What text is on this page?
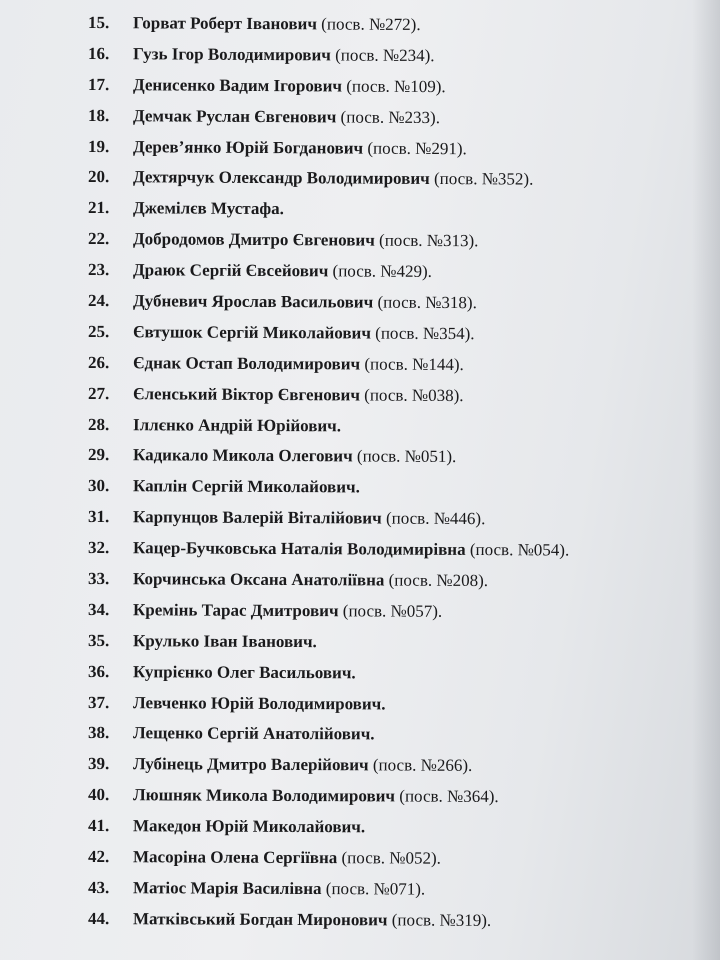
15. Горват Роберт Іванович (посв. №272).
16. Гузь Ігор Володимирович (посв. №234).
17. Денисенко Вадим Ігорович (посв. №109).
18. Демчак Руслан Євгенович (посв. №233).
19. Дерев’янко Юрій Богданович (посв. №291).
20. Дехтярчук Олександр Володимирович (посв. №352).
21. Джемілєв Мустафа.
22. Добродомов Дмитро Євгенович (посв. №313).
23. Драюк Сергій Євсейович (посв. №429).
24. Дубневич Ярослав Васильович (посв. №318).
25. Євтушок Сергій Миколайович (посв. №354).
26. Єднак Остап Володимирович (посв. №144).
27. Єленський Віктор Євгенович (посв. №038).
28. Іллєнко Андрій Юрійович.
29. Кадикало Микола Олегович (посв. №051).
30. Каплін Сергій Миколайович.
31. Карпунцов Валерій Віталійович (посв. №446).
32. Кацер-Бучковська Наталія Володимирівна (посв. №054).
33. Корчинська Оксана Анатоліївна (посв. №208).
34. Кремінь Тарас Дмитрович (посв. №057).
35. Крулько Іван Іванович.
36. Купрієнко Олег Васильович.
37. Левченко Юрій Володимирович.
38. Лещенко Сергій Анатолійович.
39. Лубінець Дмитро Валерійович (посв. №266).
40. Люшняк Микола Володимирович (посв. №364).
41. Македон Юрій Миколайович.
42. Масоріна Олена Сергіївна (посв. №052).
43. Матіос Марія Василівна (посв. №071).
44. Матківський Богдан Миронович (посв. №319).
